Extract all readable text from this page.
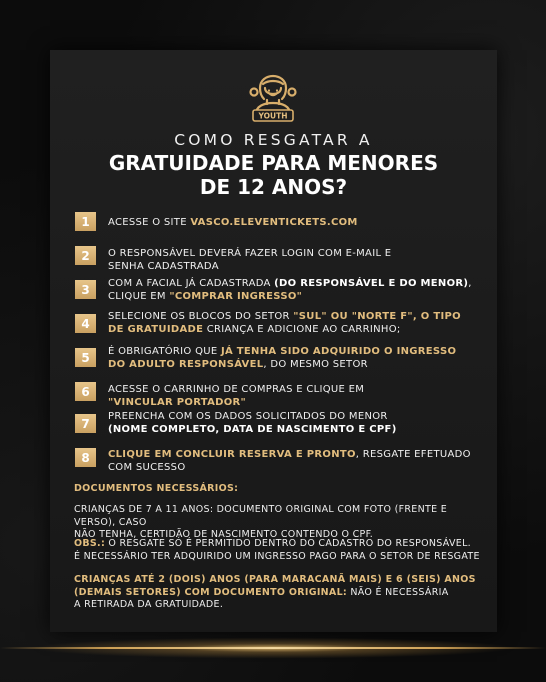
YOUTH
COMO RESGATAR A
GRATUIDADE PARA MENORES
DE 12 ANOS?
1	ACESSE O SITE VASCO.ELEVENTICKETS.COM
2	O RESPONSÁVEL DEVERÁ FAZER LOGIN COM E-MAIL E
SENHA CADASTRADA
3	COM A FACIAL JÁ CADASTRADA (DO RESPONSÁVEL E DO MENOR),
CLIQUE EM "COMPRAR INGRESSO"
4	SELECIONE OS BLOCOS DO SETOR "SUL" OU "NORTE F", O TIPO
DE GRATUIDADE CRIANÇA E ADICIONE AO CARRINHO;
5	É OBRIGATÓRIO QUE JÁ TENHA SIDO ADQUIRIDO O INGRESSO
DO ADULTO RESPONSÁVEL, DO MESMO SETOR
6	ACESSE O CARRINHO DE COMPRAS E CLIQUE EM
"VINCULAR PORTADOR"
7	PREENCHA COM OS DADOS SOLICITADOS DO MENOR
(NOME COMPLETO, DATA DE NASCIMENTO E CPF)
8	CLIQUE EM CONCLUIR RESERVA E PRONTO, RESGATE EFETUADO
COM SUCESSO
DOCUMENTOS NECESSÁRIOS:
CRIANÇAS DE 7 A 11 ANOS: DOCUMENTO ORIGINAL COM FOTO (FRENTE E VERSO), CASO
NÃO TENHA, CERTIDÃO DE NASCIMENTO CONTENDO O CPF.
OBS.: O RESGATE SÓ É PERMITIDO DENTRO DO CADASTRO DO RESPONSÁVEL.
É NECESSÁRIO TER ADQUIRIDO UM INGRESSO PAGO PARA O SETOR DE RESGATE
CRIANÇAS ATÉ 2 (DOIS) ANOS (PARA MARACANÃ MAIS) E 6 (SEIS) ANOS
(DEMAIS SETORES) COM DOCUMENTO ORIGINAL: NÃO É NECESSÁRIA
A RETIRADA DA GRATUIDADE.
